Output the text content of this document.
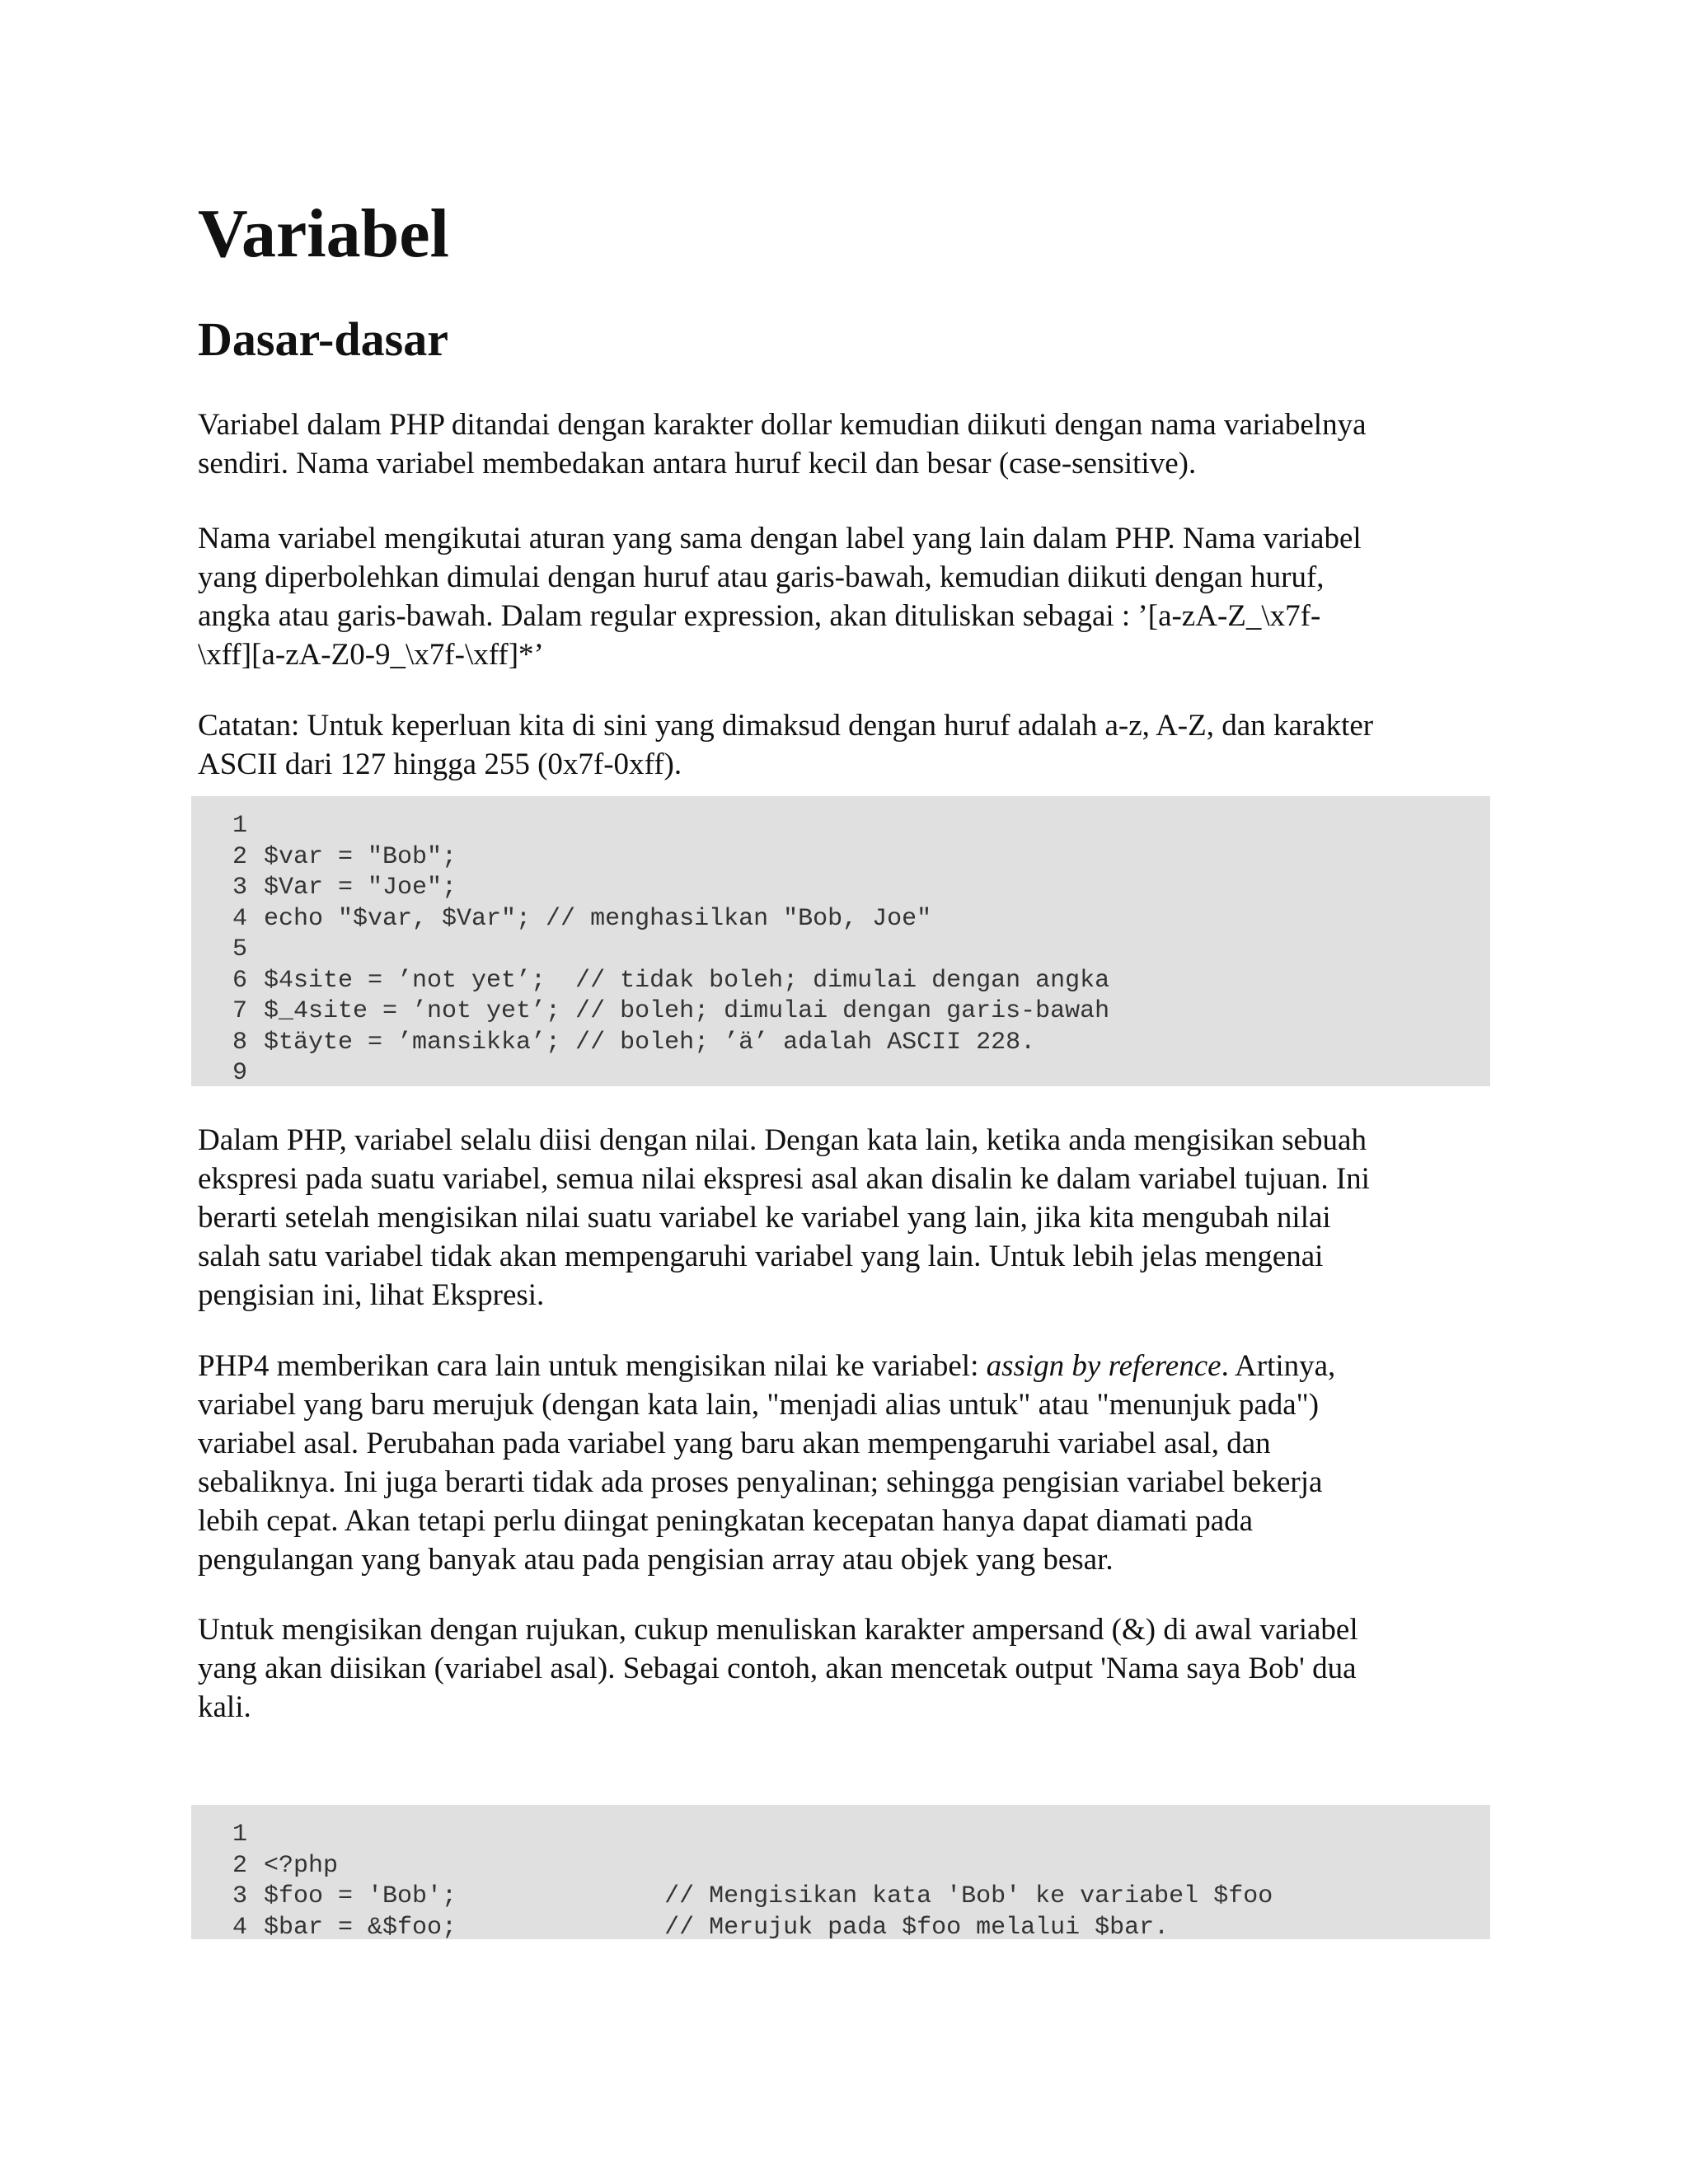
Variabel
Dasar-dasar

Variabel dalam PHP ditandai dengan karakter dollar kemudian diikuti dengan nama variabelnya
sendiri. Nama variabel membedakan antara huruf kecil dan besar (case-sensitive).

Nama variabel mengikutai aturan yang sama dengan label yang lain dalam PHP. Nama variabel
yang diperbolehkan dimulai dengan huruf atau garis-bawah, kemudian diikuti dengan huruf,
angka atau garis-bawah. Dalam regular expression, akan dituliskan sebagai : ’[a-zA-Z_\x7f-
\xff][a-zA-Z0-9_\x7f-\xff]*’

Catatan: Untuk keperluan kita di sini yang dimaksud dengan huruf adalah a-z, A-Z, dan karakter
ASCII dari 127 hingga 255 (0x7f-0xff).

1
2 $var = "Bob";
3 $Var = "Joe";
4 echo "$var, $Var"; // menghasilkan "Bob, Joe"
5
6 $4site = ’not yet’;  // tidak boleh; dimulai dengan angka
7 $_4site = ’not yet’; // boleh; dimulai dengan garis-bawah
8 $täyte = ’mansikka’; // boleh; ’ä’ adalah ASCII 228.
9

Dalam PHP, variabel selalu diisi dengan nilai. Dengan kata lain, ketika anda mengisikan sebuah
ekspresi pada suatu variabel, semua nilai ekspresi asal akan disalin ke dalam variabel tujuan. Ini
berarti setelah mengisikan nilai suatu variabel ke variabel yang lain, jika kita mengubah nilai
salah satu variabel tidak akan mempengaruhi variabel yang lain. Untuk lebih jelas mengenai
pengisian ini, lihat Ekspresi.

PHP4 memberikan cara lain untuk mengisikan nilai ke variabel: assign by reference. Artinya,
variabel yang baru merujuk (dengan kata lain, "menjadi alias untuk" atau "menunjuk pada")
variabel asal. Perubahan pada variabel yang baru akan mempengaruhi variabel asal, dan
sebaliknya. Ini juga berarti tidak ada proses penyalinan; sehingga pengisian variabel bekerja
lebih cepat. Akan tetapi perlu diingat peningkatan kecepatan hanya dapat diamati pada
pengulangan yang banyak atau pada pengisian array atau objek yang besar.

Untuk mengisikan dengan rujukan, cukup menuliskan karakter ampersand (&) di awal variabel
yang akan diisikan (variabel asal). Sebagai contoh, akan mencetak output 'Nama saya Bob' dua
kali.

1
2 <?php
3 $foo = 'Bob';              // Mengisikan kata 'Bob' ke variabel $foo
4 $bar = &$foo;              // Merujuk pada $foo melalui $bar.
